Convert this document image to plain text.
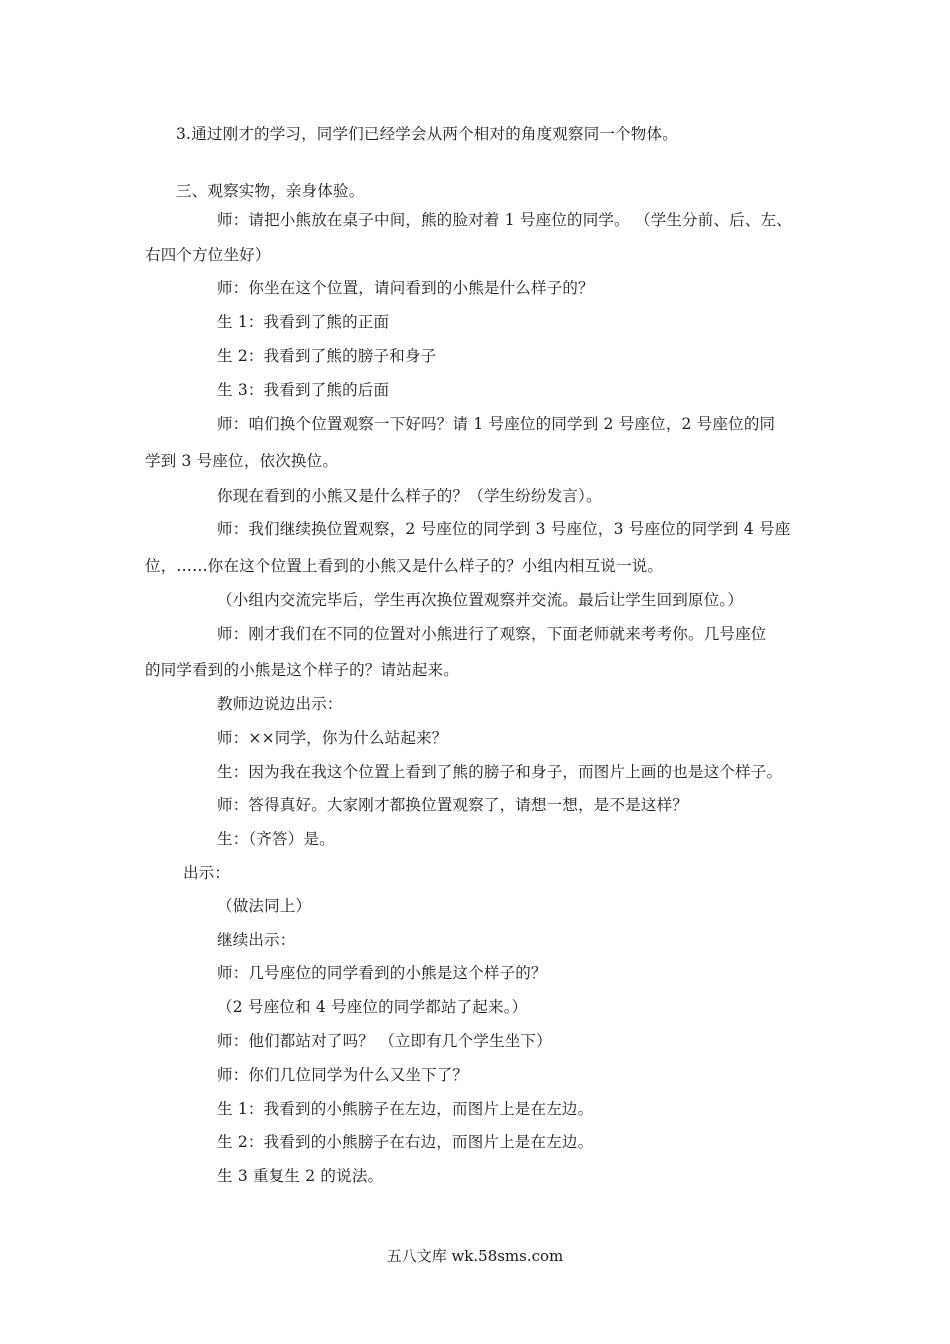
3.通过刚才的学习，同学们已经学会从两个相对的角度观察同一个物体。
三、观察实物，亲身体验。
师：请把小熊放在桌子中间，熊的脸对着 1 号座位的同学。 （学生分前、后、左、
右四个方位坐好）
师：你坐在这个位置，请问看到的小熊是什么样子的？
生 1：我看到了熊的正面
生 2：我看到了熊的膀子和身子
生 3：我看到了熊的后面
师：咱们换个位置观察一下好吗？请 1 号座位的同学到 2 号座位，2 号座位的同
学到 3 号座位，依次换位。
你现在看到的小熊又是什么样子的？（学生纷纷发言）。
师：我们继续换位置观察，2 号座位的同学到 3 号座位，3 号座位的同学到 4 号座
位，……你在这个位置上看到的小熊又是什么样子的？小组内相互说一说。
（小组内交流完毕后，学生再次换位置观察并交流。最后让学生回到原位。）
师：刚才我们在不同的位置对小熊进行了观察，下面老师就来考考你。几号座位
的同学看到的小熊是这个样子的？请站起来。
教师边说边出示：
师：××同学，你为什么站起来？
生：因为我在我这个位置上看到了熊的膀子和身子，而图片上画的也是这个样子。
师：答得真好。大家刚才都换位置观察了，请想一想，是不是这样？
生：（齐答）是。
出示：
（做法同上）
继续出示：
师：几号座位的同学看到的小熊是这个样子的？
（2 号座位和 4 号座位的同学都站了起来。）
师：他们都站对了吗？ （立即有几个学生坐下）
师：你们几位同学为什么又坐下了？
生 1：我看到的小熊膀子在左边，而图片上是在左边。
生 2：我看到的小熊膀子在右边，而图片上是在左边。
生 3 重复生 2 的说法。
五八文库 wk.58sms.com
